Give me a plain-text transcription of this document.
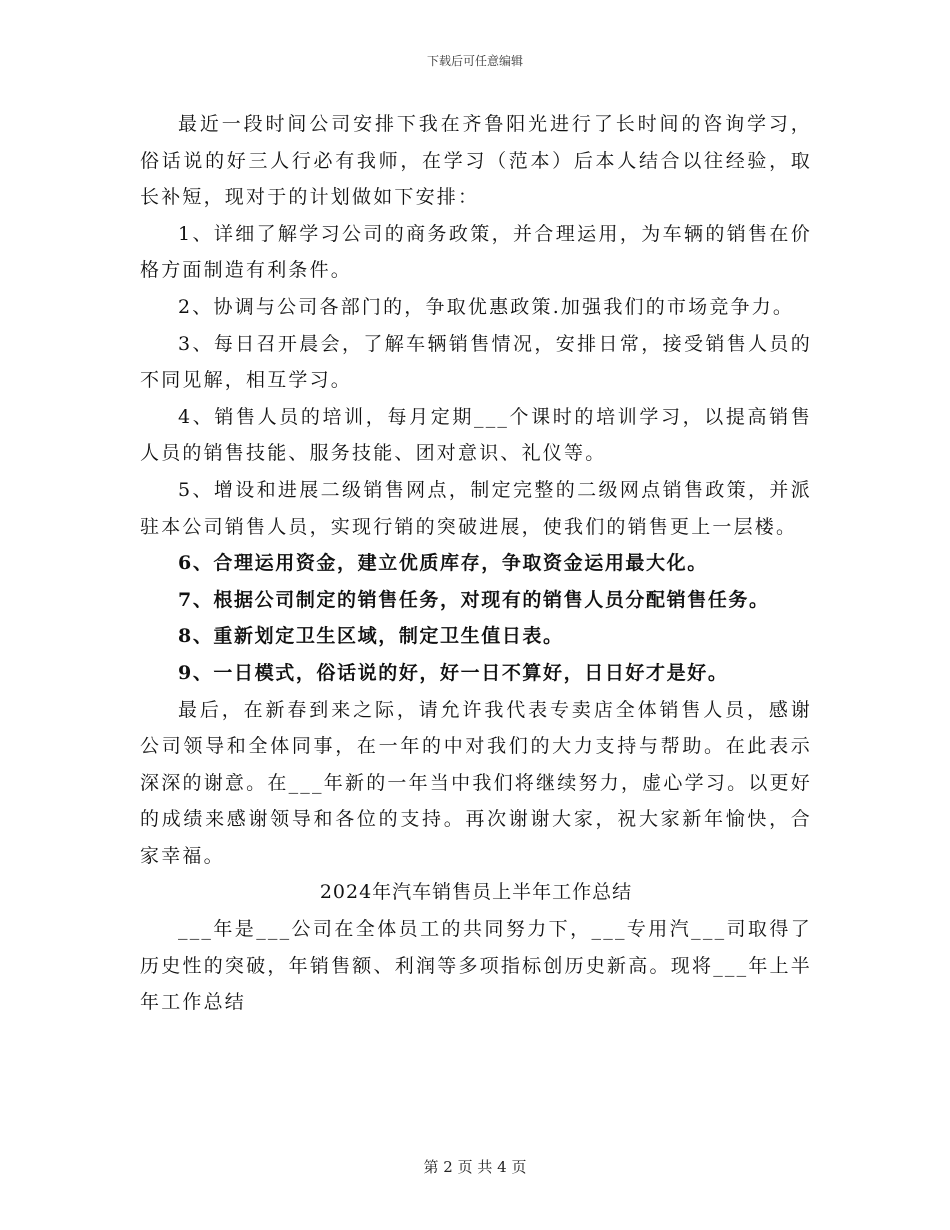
下载后可任意编辑

最近一段时间公司安排下我在齐鲁阳光进行了长时间的咨询学习，俗话说的好三人行必有我师，在学习（范本）后本人结合以往经验，取长补短，现对于的计划做如下安排：

1、详细了解学习公司的商务政策，并合理运用，为车辆的销售在价格方面制造有利条件。

2、协调与公司各部门的，争取优惠政策.加强我们的市场竞争力。

3、每日召开晨会，了解车辆销售情况，安排日常，接受销售人员的不同见解，相互学习。

4、销售人员的培训，每月定期___个课时的培训学习，以提高销售人员的销售技能、服务技能、团对意识、礼仪等。

5、增设和进展二级销售网点，制定完整的二级网点销售政策，并派驻本公司销售人员，实现行销的突破进展，使我们的销售更上一层楼。

6、合理运用资金，建立优质库存，争取资金运用最大化。

7、根据公司制定的销售任务，对现有的销售人员分配销售任务。

8、重新划定卫生区域，制定卫生值日表。

9、一日模式，俗话说的好，好一日不算好，日日好才是好。

最后，在新春到来之际，请允许我代表专卖店全体销售人员，感谢公司领导和全体同事，在一年的中对我们的大力支持与帮助。在此表示深深的谢意。在___年新的一年当中我们将继续努力，虚心学习。以更好的成绩来感谢领导和各位的支持。再次谢谢大家，祝大家新年愉快，合家幸福。

2024年汽车销售员上半年工作总结

___年是___公司在全体员工的共同努力下，___专用汽___司取得了历史性的突破，年销售额、利润等多项指标创历史新高。现将___年上半年工作总结

第 2 页 共 4 页
